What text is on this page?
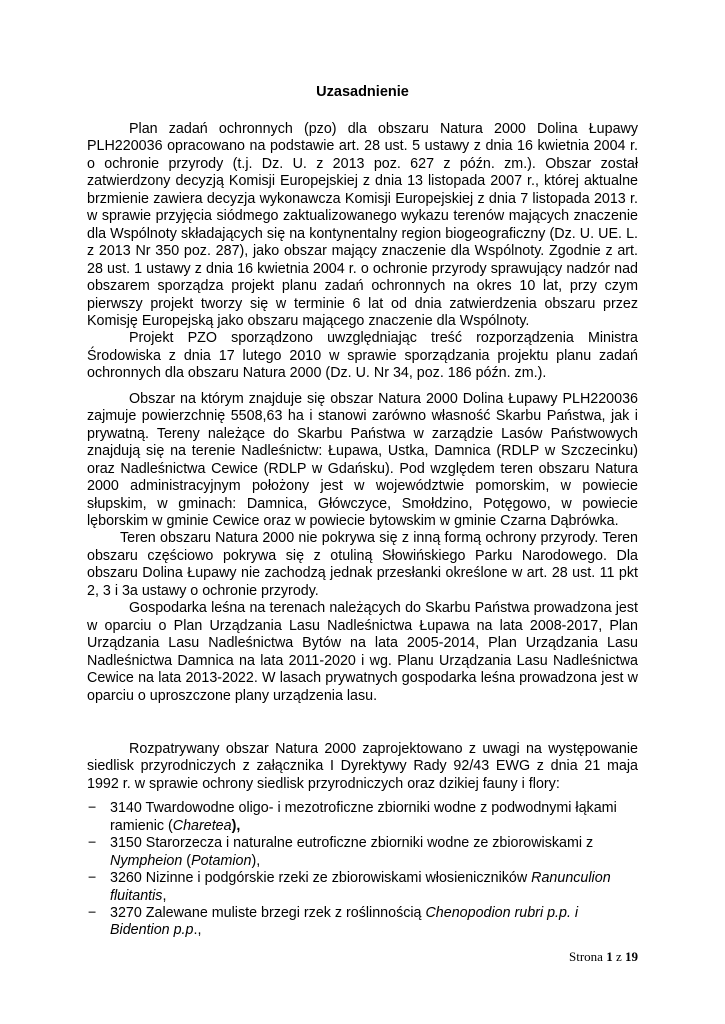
Uzasadnienie

Plan zadań ochronnych (pzo) dla obszaru Natura 2000 Dolina Łupawy PLH220036 opracowano na podstawie art. 28 ust. 5 ustawy z dnia 16 kwietnia 2004 r. o ochronie przyrody (t.j. Dz. U. z 2013 poz. 627 z późn. zm.). Obszar został zatwierdzony decyzją Komisji Europejskiej z dnia 13 listopada 2007 r., której aktualne brzmienie zawiera decyzja wykonawcza Komisji Europejskiej z dnia 7 listopada 2013 r. w sprawie przyjęcia siódmego zaktualizowanego wykazu terenów mających znaczenie dla Wspólnoty składających się na kontynentalny region biogeograficzny (Dz. U. UE. L. z 2013 Nr 350 poz. 287), jako obszar mający znaczenie dla Wspólnoty. Zgodnie z art. 28 ust. 1 ustawy z dnia 16 kwietnia 2004 r. o ochronie przyrody sprawujący nadzór nad obszarem sporządza projekt planu zadań ochronnych na okres 10 lat, przy czym pierwszy projekt tworzy się w terminie 6 lat od dnia zatwierdzenia obszaru przez Komisję Europejską jako obszaru mającego znaczenie dla Wspólnoty.

Projekt PZO sporządzono uwzględniając treść rozporządzenia Ministra Środowiska z dnia 17 lutego 2010 w sprawie sporządzania projektu planu zadań ochronnych dla obszaru Natura 2000 (Dz. U. Nr 34, poz. 186 późn. zm.).

Obszar na którym znajduje się obszar Natura 2000 Dolina Łupawy PLH220036 zajmuje powierzchnię 5508,63 ha i stanowi zarówno własność Skarbu Państwa, jak i prywatną. Tereny należące do Skarbu Państwa w zarządzie Lasów Państwowych znajdują się na terenie Nadleśnictw: Łupawa, Ustka, Damnica (RDLP w Szczecinku) oraz Nadleśnictwa Cewice (RDLP w Gdańsku). Pod względem teren obszaru Natura 2000 administracyjnym położony jest w województwie pomorskim, w powiecie słupskim, w gminach: Damnica, Główczyce, Smołdzino, Potęgowo, w powiecie lęborskim w gminie Cewice oraz w powiecie bytowskim w gminie Czarna Dąbrówka.

Teren obszaru Natura 2000 nie pokrywa się z inną formą ochrony przyrody. Teren obszaru częściowo pokrywa się z otuliną Słowińskiego Parku Narodowego. Dla obszaru Dolina Łupawy nie zachodzą jednak przesłanki określone w art. 28 ust. 11 pkt 2, 3 i 3a ustawy o ochronie przyrody.

Gospodarka leśna na terenach należących do Skarbu Państwa prowadzona jest w oparciu o Plan Urządzania Lasu Nadleśnictwa Łupawa na lata 2008-2017, Plan Urządzania Lasu Nadleśnictwa Bytów na lata 2005-2014, Plan Urządzania Lasu Nadleśnictwa Damnica na lata 2011-2020 i wg. Planu Urządzania Lasu Nadleśnictwa Cewice na lata 2013-2022. W lasach prywatnych gospodarka leśna prowadzona jest w oparciu o uproszczone plany urządzenia lasu.

Rozpatrywany obszar Natura 2000 zaprojektowano z uwagi na występowanie siedlisk przyrodniczych z załącznika I Dyrektywy Rady 92/43 EWG z dnia 21 maja 1992 r. w sprawie ochrony siedlisk przyrodniczych oraz dzikiej fauny i flory:

− 3140 Twardowodne oligo- i mezotroficzne zbiorniki wodne z podwodnymi łąkami ramienic (Charetea),
− 3150 Starorzecza i naturalne eutroficzne zbiorniki wodne ze zbiorowiskami z Nympheion (Potamion),
− 3260 Nizinne i podgórskie rzeki ze zbiorowiskami włosieniczników Ranunculion fluitantis,
− 3270 Zalewane muliste brzegi rzek z roślinnością Chenopodion rubri p.p. i Bidention p.p.,
Strona 1 z 19
